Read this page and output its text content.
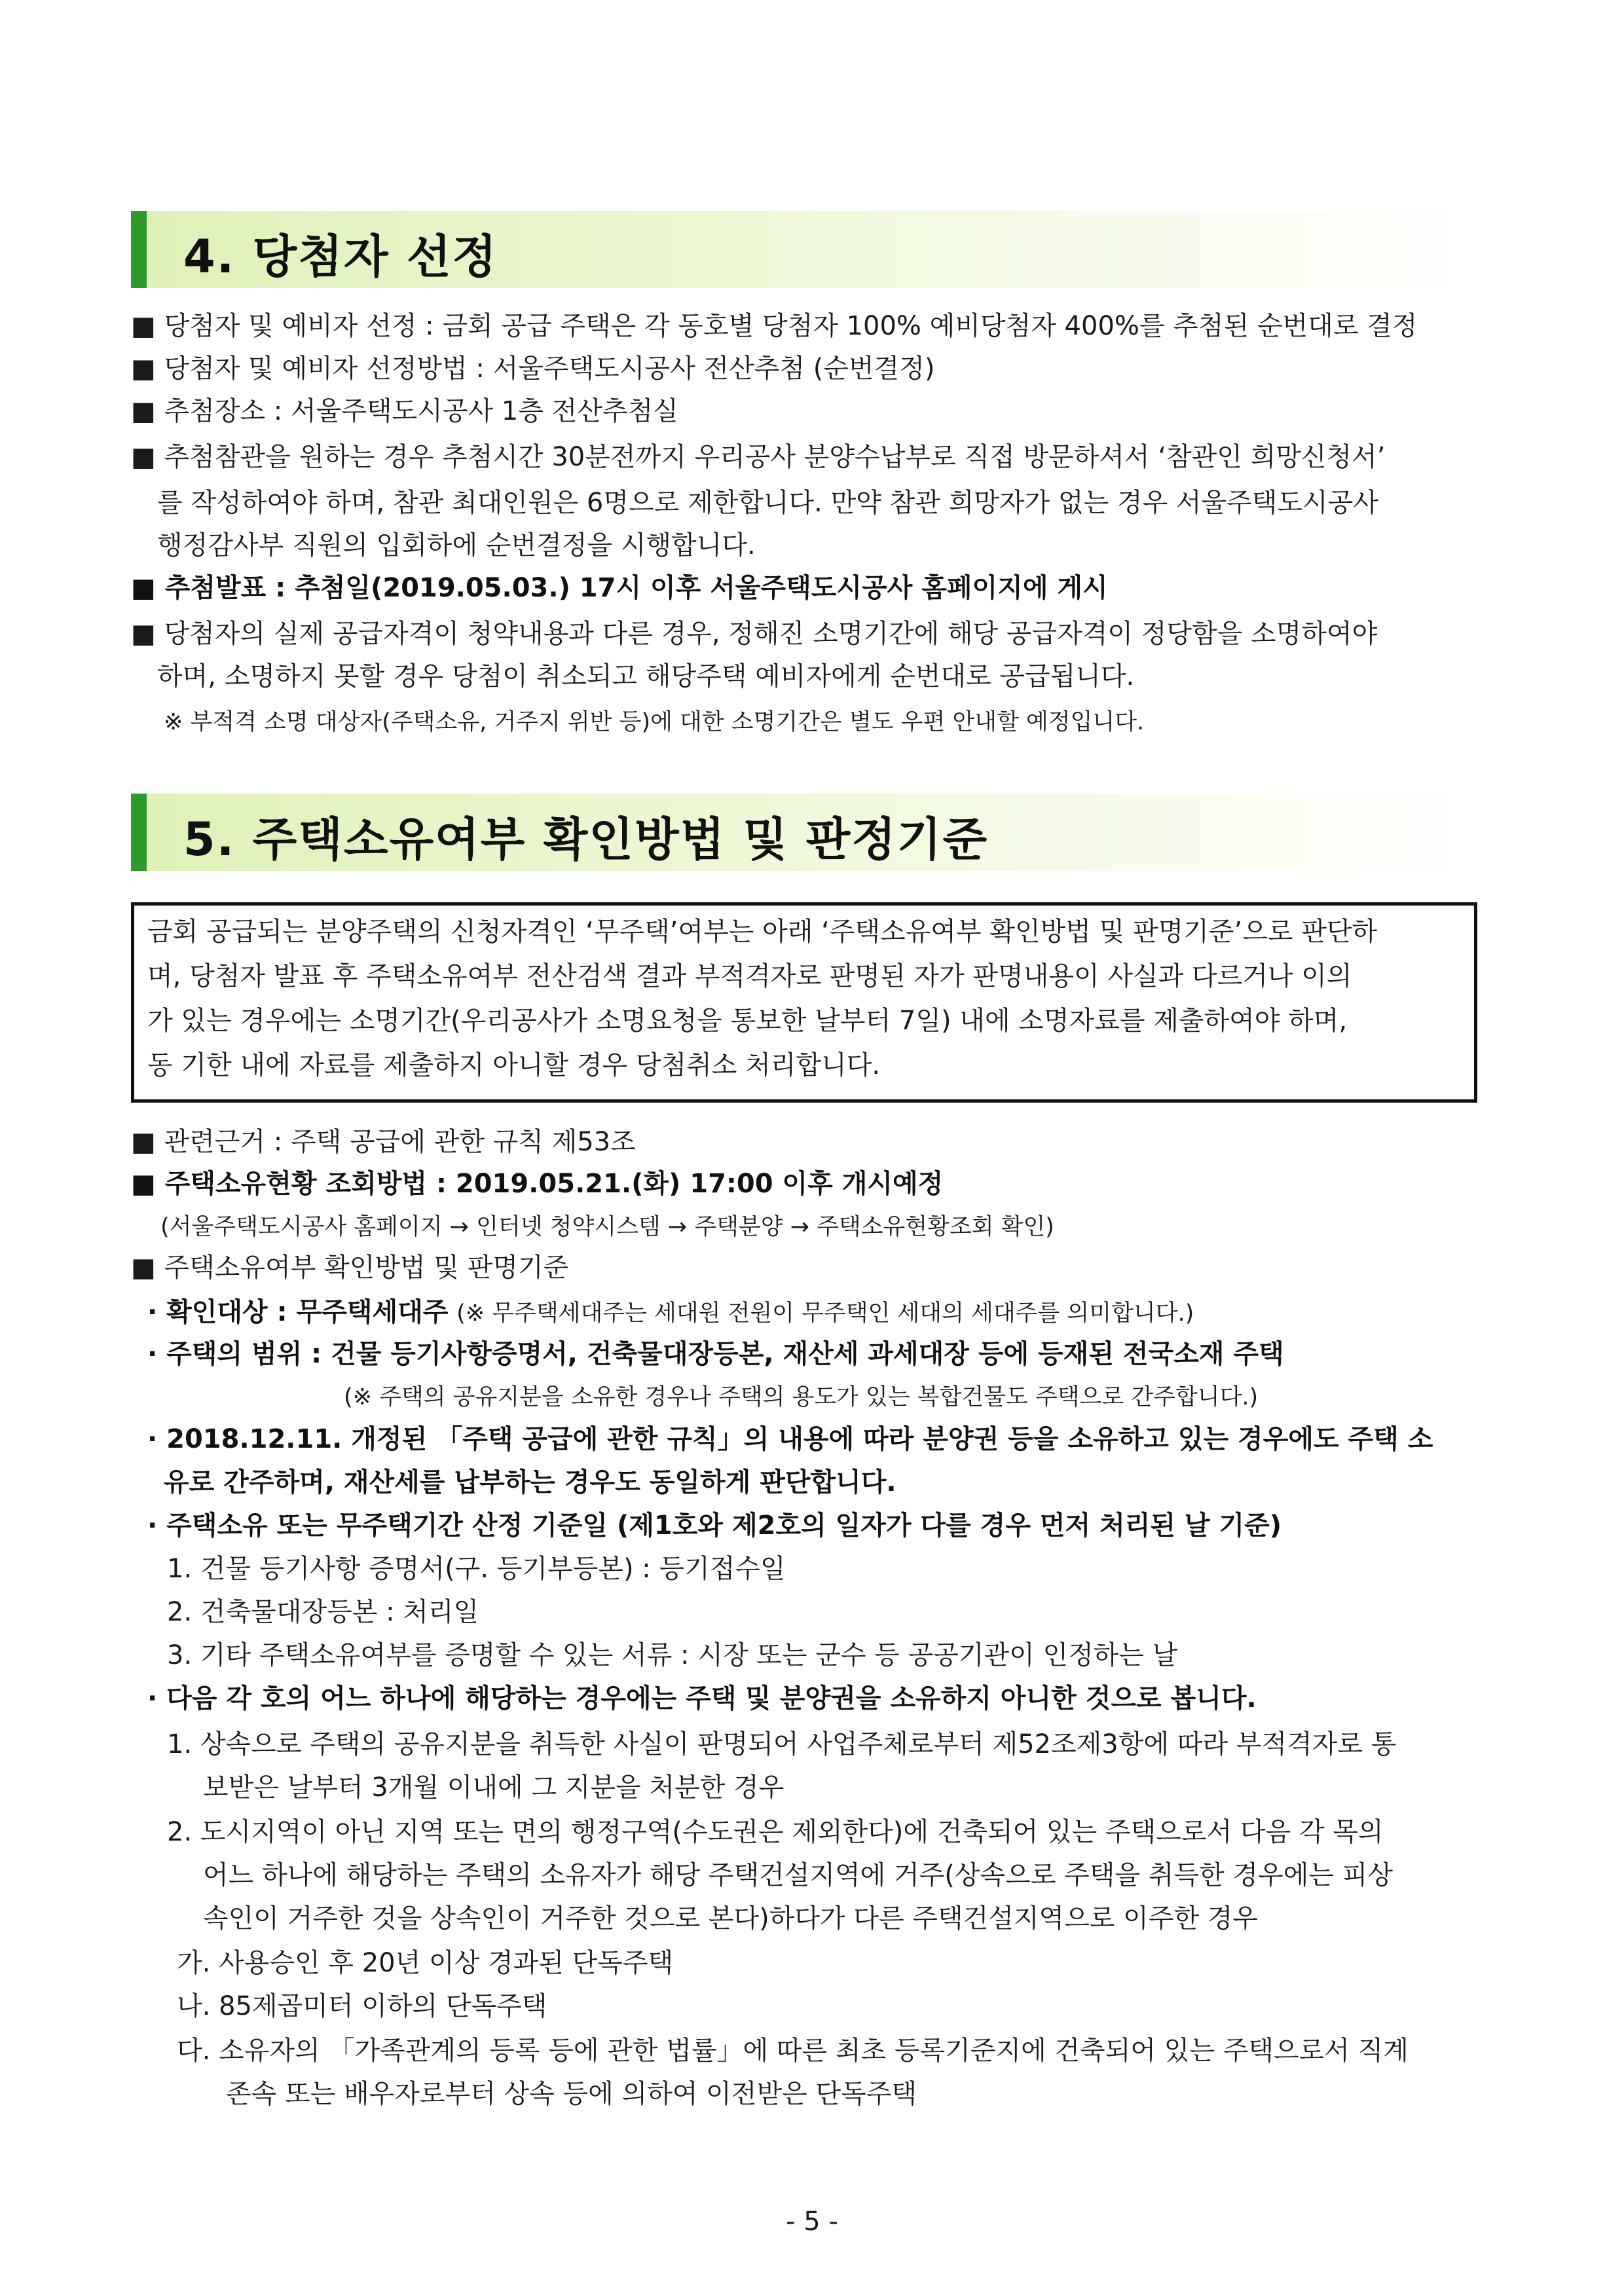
4. 당첨자 선정
■ 당첨자 및 예비자 선정 : 금회 공급 주택은 각 동호별 당첨자 100% 예비당첨자 400%를 추첨된 순번대로 결정
■ 당첨자 및 예비자 선정방법 : 서울주택도시공사 전산추첨 (순번결정)
■ 추첨장소 : 서울주택도시공사 1층 전산추첨실
■ 추첨참관을 원하는 경우 추첨시간 30분전까지 우리공사 분양수납부로 직접 방문하셔서 ‘참관인 희망신청서’
를 작성하여야 하며, 참관 최대인원은 6명으로 제한합니다. 만약 참관 희망자가 없는 경우 서울주택도시공사
행정감사부 직원의 입회하에 순번결정을 시행합니다.
■ 추첨발표 : 추첨일(2019.05.03.) 17시 이후 서울주택도시공사 홈페이지에 게시
■ 당첨자의 실제 공급자격이 청약내용과 다른 경우, 정해진 소명기간에 해당 공급자격이 정당함을 소명하여야
하며, 소명하지 못할 경우 당첨이 취소되고 해당주택 예비자에게 순번대로 공급됩니다.
※ 부적격 소명 대상자(주택소유, 거주지 위반 등)에 대한 소명기간은 별도 우편 안내할 예정입니다.
5. 주택소유여부 확인방법 및 판정기준
금회 공급되는 분양주택의 신청자격인 ‘무주택’여부는 아래 ‘주택소유여부 확인방법 및 판명기준’으로 판단하
며, 당첨자 발표 후 주택소유여부 전산검색 결과 부적격자로 판명된 자가 판명내용이 사실과 다르거나 이의
가 있는 경우에는 소명기간(우리공사가 소명요청을 통보한 날부터 7일) 내에 소명자료를 제출하여야 하며,
동 기한 내에 자료를 제출하지 아니할 경우 당첨취소 처리합니다.
■ 관련근거 : 주택 공급에 관한 규칙 제53조
■ 주택소유현황 조회방법 : 2019.05.21.(화) 17:00 이후 개시예정
(서울주택도시공사 홈페이지 → 인터넷 청약시스템 → 주택분양 → 주택소유현황조회 확인)
■ 주택소유여부 확인방법 및 판명기준
· 확인대상 : 무주택세대주 (※ 무주택세대주는 세대원 전원이 무주택인 세대의 세대주를 의미합니다.)
· 주택의 범위 : 건물 등기사항증명서, 건축물대장등본, 재산세 과세대장 등에 등재된 전국소재 주택
(※ 주택의 공유지분을 소유한 경우나 주택의 용도가 있는 복합건물도 주택으로 간주합니다.)
· 2018.12.11. 개정된 「주택 공급에 관한 규칙」의 내용에 따라 분양권 등을 소유하고 있는 경우에도 주택 소
유로 간주하며, 재산세를 납부하는 경우도 동일하게 판단합니다.
· 주택소유 또는 무주택기간 산정 기준일 (제1호와 제2호의 일자가 다를 경우 먼저 처리된 날 기준)
1. 건물 등기사항 증명서(구. 등기부등본) : 등기접수일
2. 건축물대장등본 : 처리일
3. 기타 주택소유여부를 증명할 수 있는 서류 : 시장 또는 군수 등 공공기관이 인정하는 날
· 다음 각 호의 어느 하나에 해당하는 경우에는 주택 및 분양권을 소유하지 아니한 것으로 봅니다.
1. 상속으로 주택의 공유지분을 취득한 사실이 판명되어 사업주체로부터 제52조제3항에 따라 부적격자로 통
보받은 날부터 3개월 이내에 그 지분을 처분한 경우
2. 도시지역이 아닌 지역 또는 면의 행정구역(수도권은 제외한다)에 건축되어 있는 주택으로서 다음 각 목의
어느 하나에 해당하는 주택의 소유자가 해당 주택건설지역에 거주(상속으로 주택을 취득한 경우에는 피상
속인이 거주한 것을 상속인이 거주한 것으로 본다)하다가 다른 주택건설지역으로 이주한 경우
가. 사용승인 후 20년 이상 경과된 단독주택
나. 85제곱미터 이하의 단독주택
다. 소유자의 「가족관계의 등록 등에 관한 법률」에 따른 최초 등록기준지에 건축되어 있는 주택으로서 직계
존속 또는 배우자로부터 상속 등에 의하여 이전받은 단독주택
- 5 -
